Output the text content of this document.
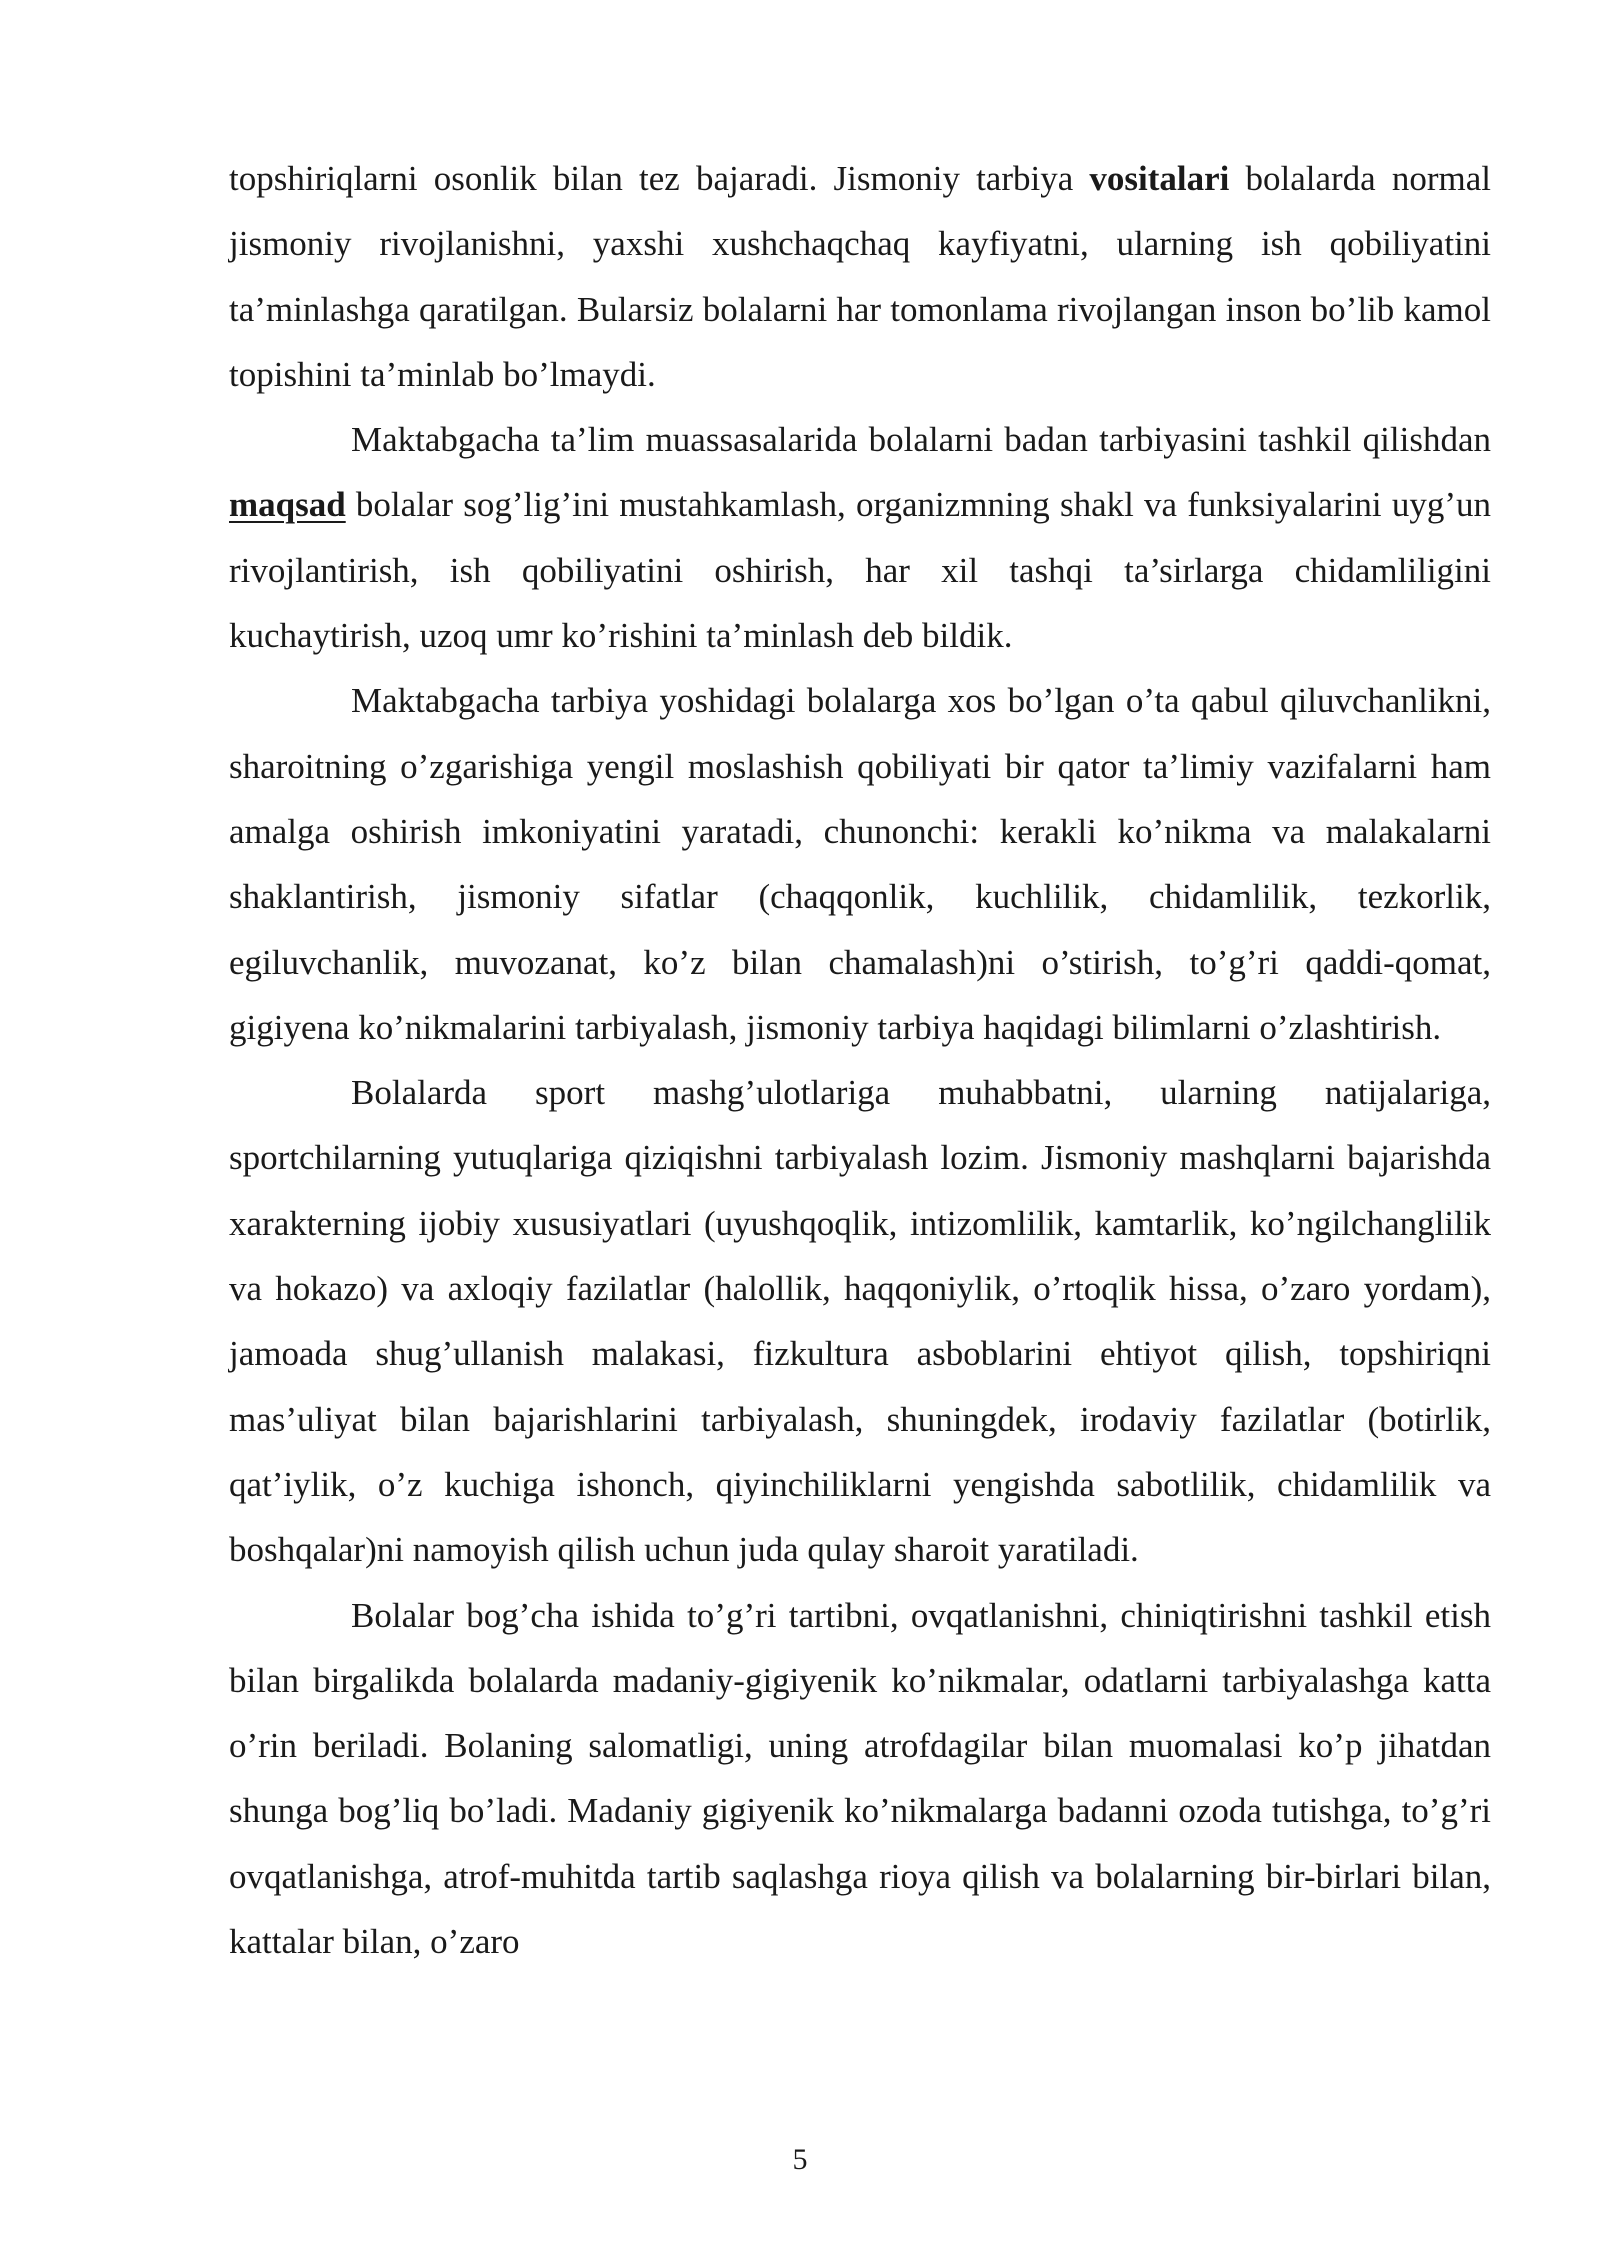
topshiriqlarni osonlik bilan tez bajaradi. Jismoniy tarbiya vositalari bolalarda normal jismoniy rivojlanishni, yaxshi xushchaqchaq kayfiyatni, ularning ish qobiliyatini ta’minlashga qaratilgan. Bularsiz bolalarni har tomonlama rivojlangan inson bo’lib kamol topishini ta’minlab bo’lmaydi.

Maktabgacha ta’lim muassasalarida bolalarni badan tarbiyasini tashkil qilishdan maqsad bolalar sog’lig’ini mustahkamlash, organizmning shakl va funksiyalarini uyg’un rivojlantirish, ish qobiliyatini oshirish, har xil tashqi ta’sirlarga chidamliligini kuchaytirish, uzoq umr ko’rishini ta’minlash deb bildik.

Maktabgacha tarbiya yoshidagi bolalarga xos bo’lgan o’ta qabul qiluvchanlikni, sharoitning o’zgarishiga yengil moslashish qobiliyati bir qator ta’limiy vazifalarni ham amalga oshirish imkoniyatini yaratadi, chunonchi: kerakli ko’nikma va malakalarni shaklantirish, jismoniy sifatlar (chaqqonlik, kuchlilik, chidamlilik, tezkorlik, egiluvchanlik, muvozanat, ko’z bilan chamalash)ni o’stirish, to’g’ri qaddi-qomat, gigiyena ko’nikmalarini tarbiyalash, jismoniy tarbiya haqidagi bilimlarni o’zlashtirish.

Bolalarda sport mashg’ulotlariga muhabbatni, ularning natijalariga, sportchilarning yutuqlariga qiziqishni tarbiyalash lozim. Jismoniy mashqlarni bajarishda xarakterning ijobiy xususiyatlari (uyushqoqlik, intizomlilik, kamtarlik, ko’ngilchanglilik va hokazo) va axloqiy fazilatlar (halollik, haqqoniylik, o’rtoqlik hissa, o’zaro yordam), jamoada shug’ullanish malakasi, fizkultura asboblarini ehtiyot qilish, topshiriqni mas’uliyat bilan bajarishlarini tarbiyalash, shuningdek, irodaviy fazilatlar (botirlik, qat’iylik, o’z kuchiga ishonch, qiyinchiliklarni yengishda sabotlilik, chidamlilik va boshqalar)ni namoyish qilish uchun juda qulay sharoit yaratiladi.

Bolalar bog’cha ishida to’g’ri tartibni, ovqatlanishni, chiniqtirishni tashkil etish bilan birgalikda bolalarda madaniy-gigiyenik ko’nikmalar, odatlarni tarbiyalashga katta o’rin beriladi. Bolaning salomatligi, uning atrofdagilar bilan muomalasi ko’p jihatdan shunga bog’liq bo’ladi. Madaniy gigiyenik ko’nikmalarga badanni ozoda tutishga, to’g’ri ovqatlanishga, atrof-muhitda tartib saqlashga rioya qilish va bolalarning bir-birlari bilan, kattalar bilan, o’zaro

5
